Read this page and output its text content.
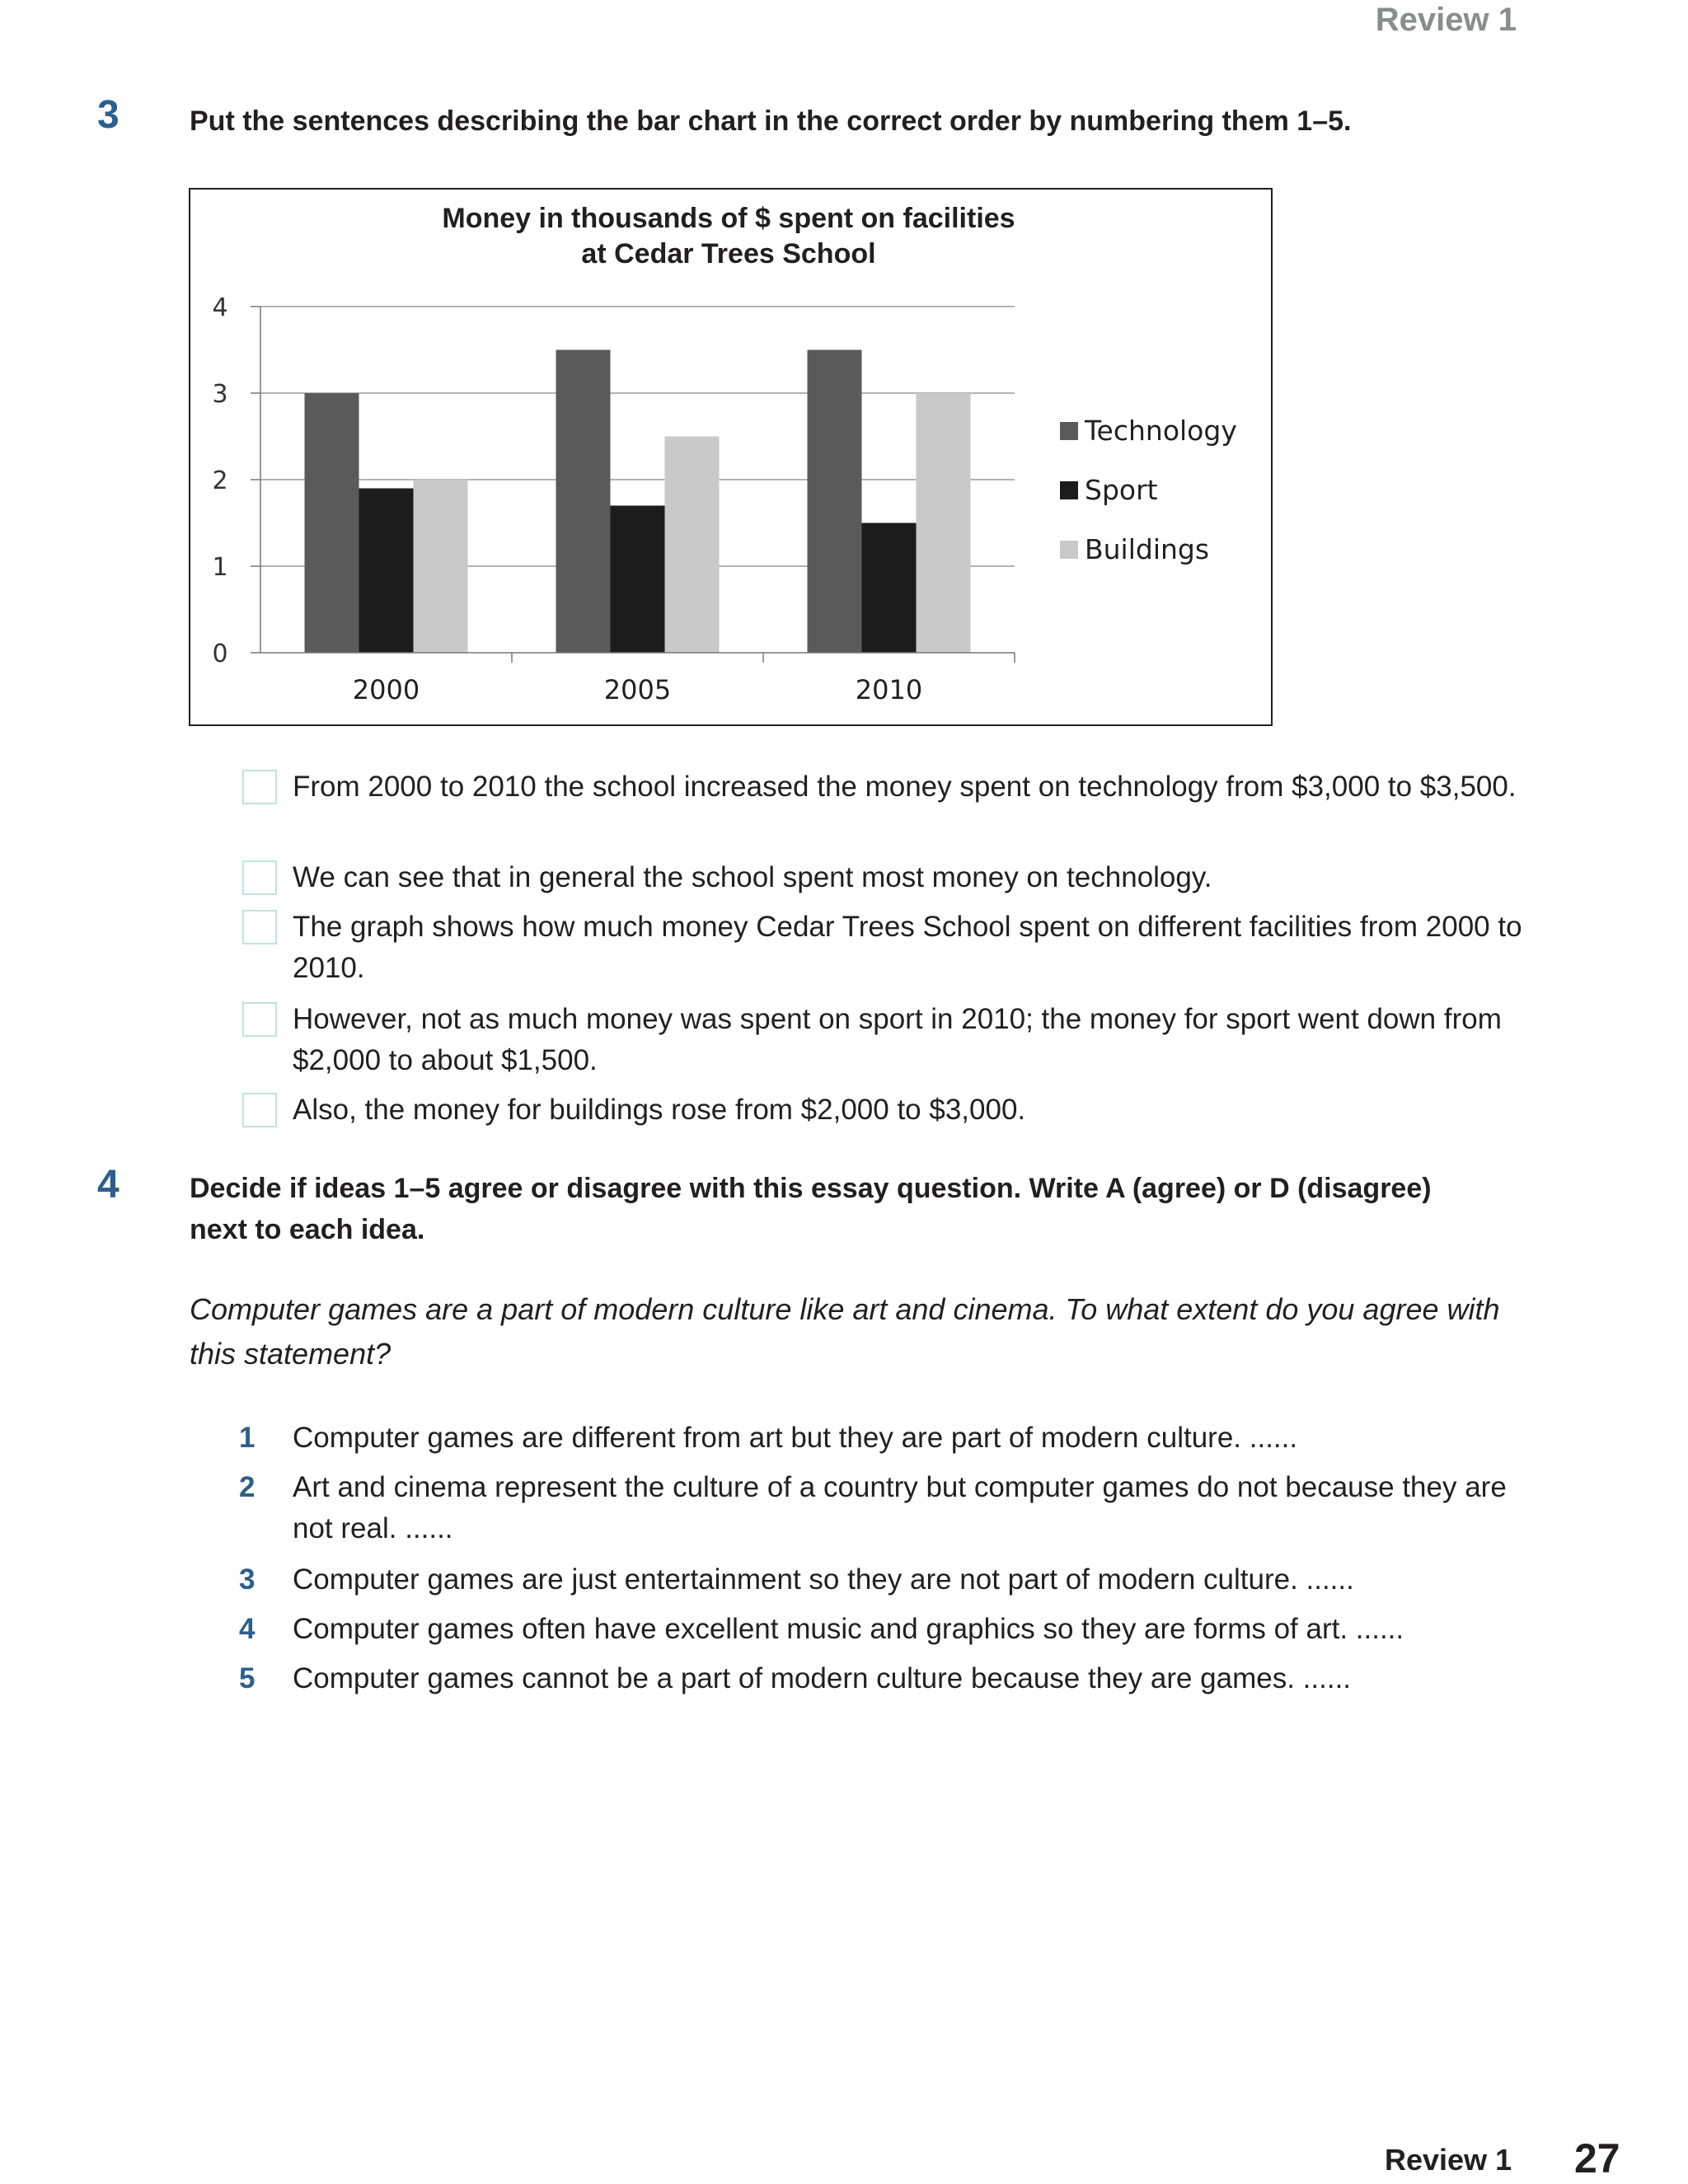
Review 1
3	Put the sentences describing the bar chart in the correct order by numbering them 1–5.
Money in thousands of $ spent on facilities
at Cedar Trees School
0
1
2
3
4
2000	2005	2010
Technology
Sport
Buildings
From 2000 to 2010 the school increased the money spent on technology from $3,000 to $3,500.
We can see that in general the school spent most money on technology.
The graph shows how much money Cedar Trees School spent on different facilities from 2000 to 2010.
However, not as much money was spent on sport in 2010; the money for sport went down from $2,000 to about $1,500.
Also, the money for buildings rose from $2,000 to $3,000.
4	Decide if ideas 1–5 agree or disagree with this essay question. Write A (agree) or D (disagree) next to each idea.
Computer games are a part of modern culture like art and cinema. To what extent do you agree with this statement?
1	Computer games are different from art but they are part of modern culture. ......
2	Art and cinema represent the culture of a country but computer games do not because they are not real. ......
3	Computer games are just entertainment so they are not part of modern culture. ......
4	Computer games often have excellent music and graphics so they are forms of art. ......
5	Computer games cannot be a part of modern culture because they are games. ......
Review 1 27
